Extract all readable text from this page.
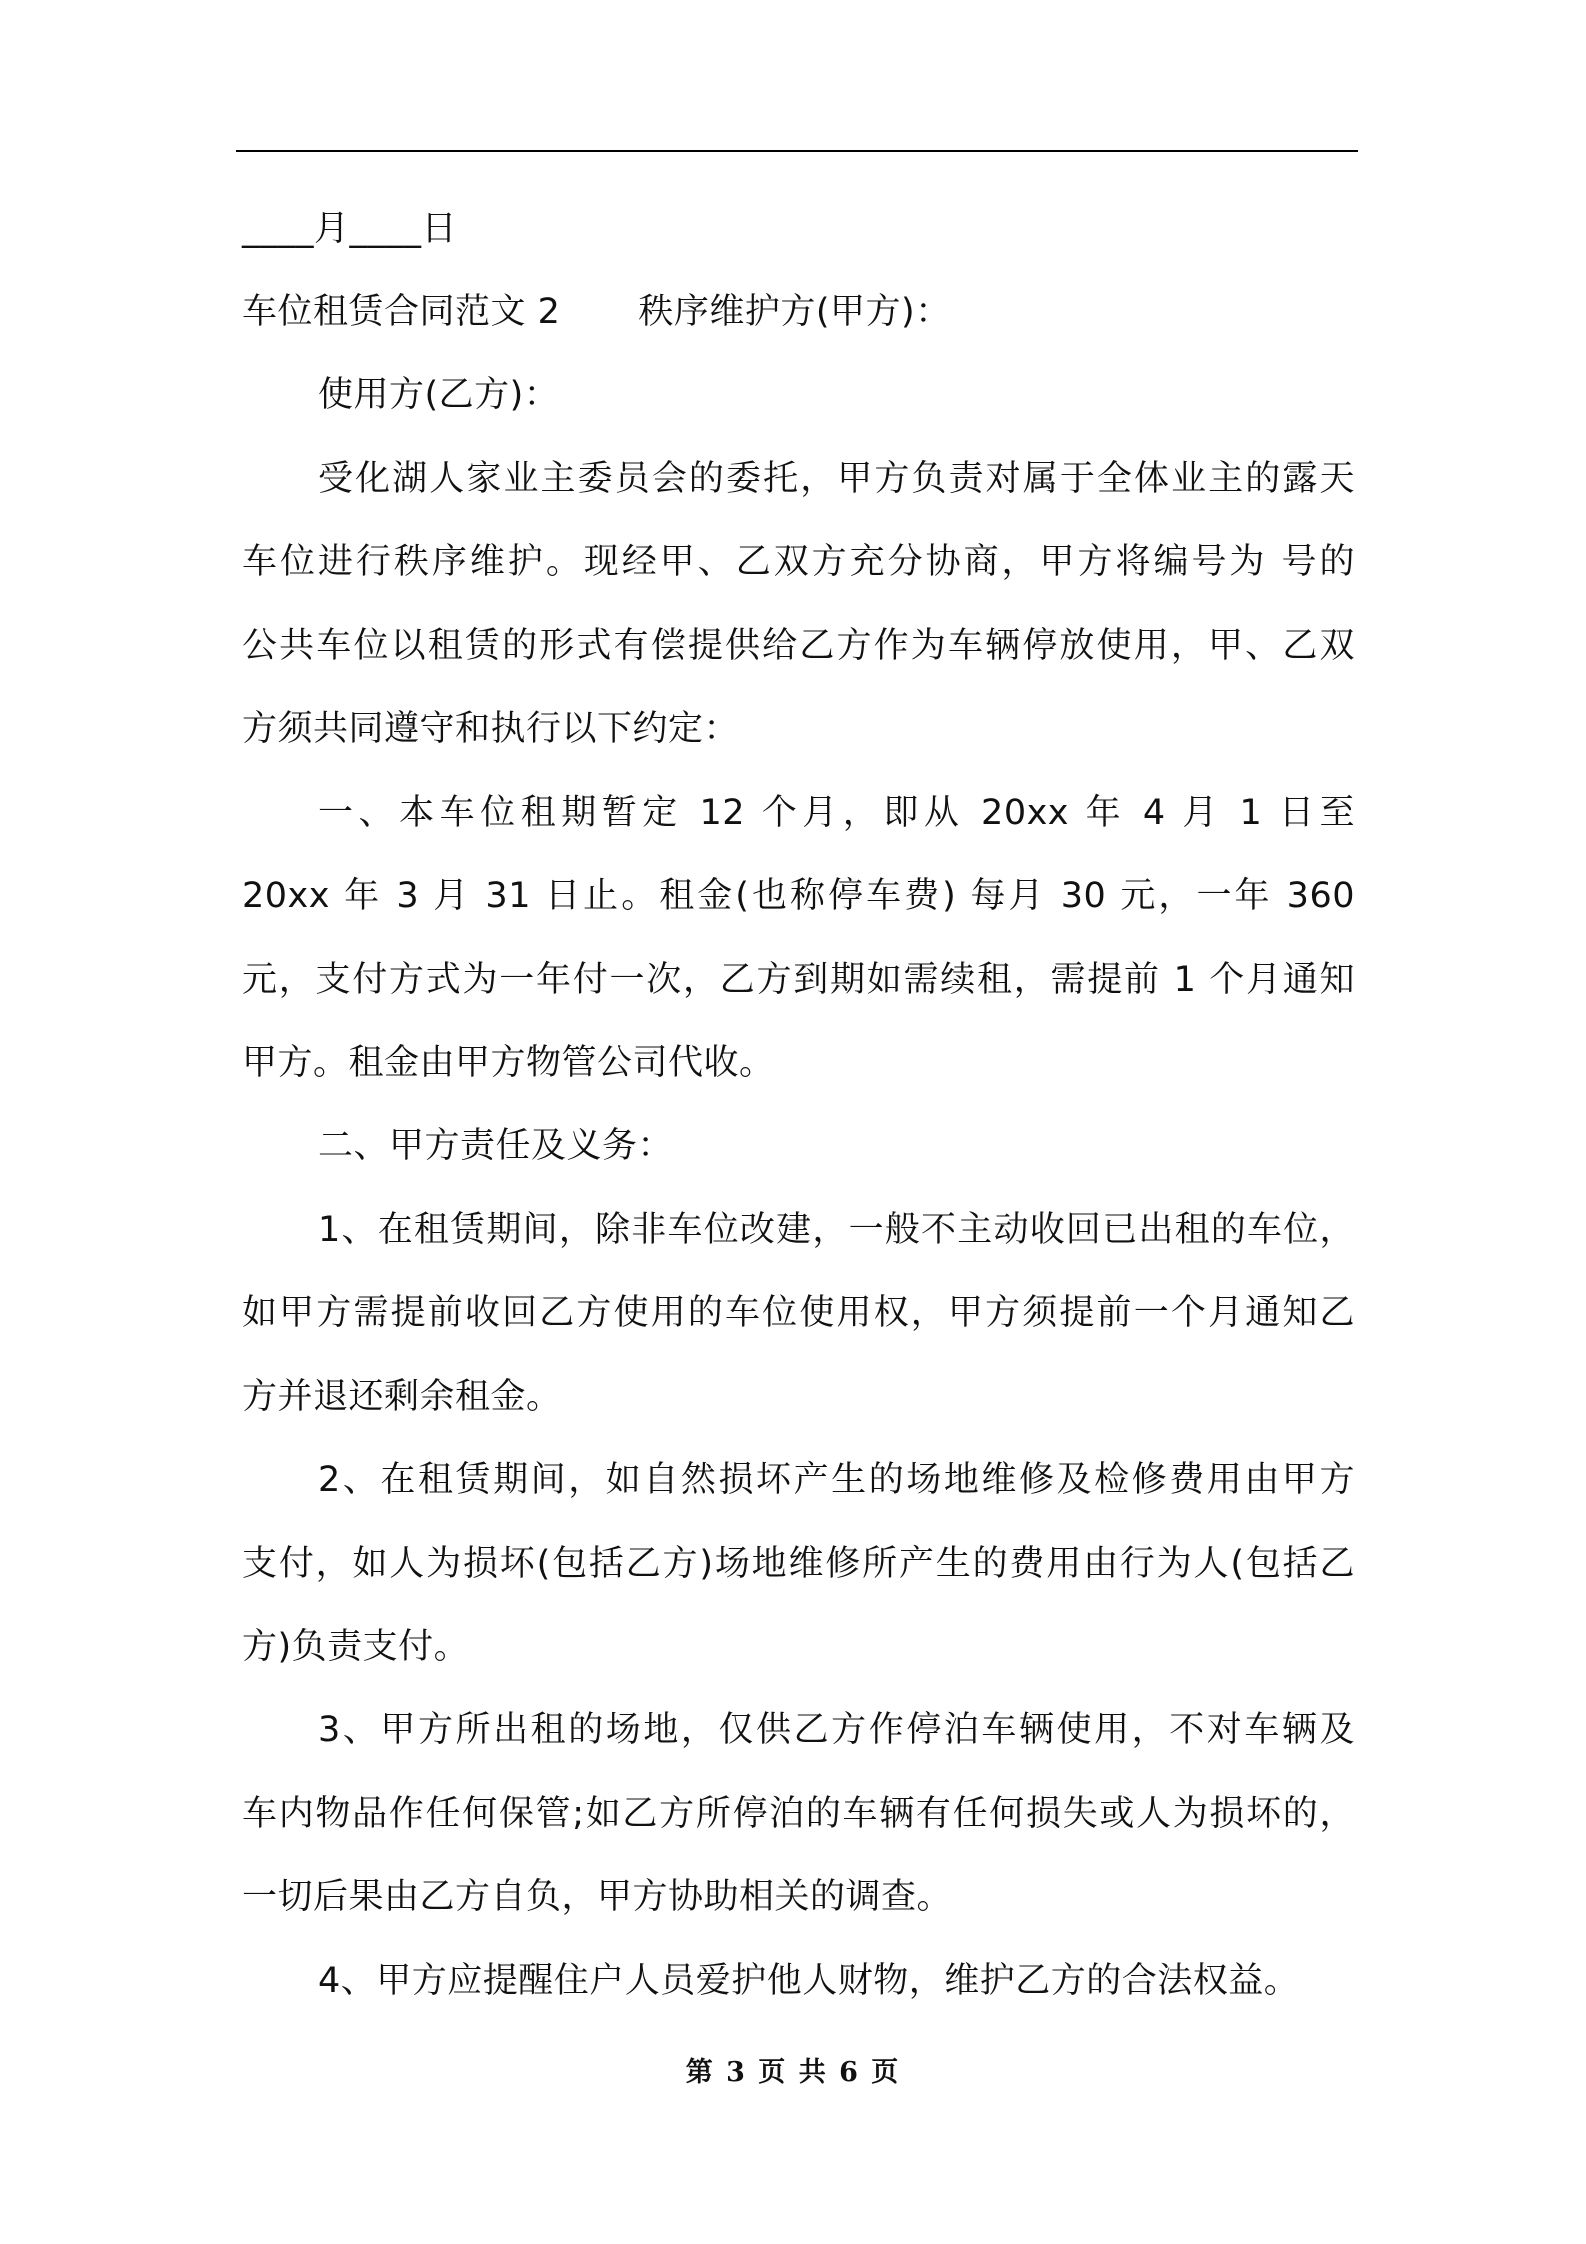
____月____日
车位租赁合同范文 2 秩序维护方(甲方)：
使用方(乙方)：
受化湖人家业主委员会的委托，甲方负责对属于全体业主的露天
车位进行秩序维护。现经甲、乙双方充分协商，甲方将编号为 号的
公共车位以租赁的形式有偿提供给乙方作为车辆停放使用，甲、乙双
方须共同遵守和执行以下约定：
一、本车位租期暂定 12 个月，即从 20xx 年 4 月 1 日至
20xx 年 3 月 31 日止。租金(也称停车费) 每月 30 元，一年 360
元，支付方式为一年付一次，乙方到期如需续租，需提前 1 个月通知
甲方。租金由甲方物管公司代收。
二、甲方责任及义务：
1、在租赁期间，除非车位改建，一般不主动收回已出租的车位，
如甲方需提前收回乙方使用的车位使用权，甲方须提前一个月通知乙
方并退还剩余租金。
2、在租赁期间，如自然损坏产生的场地维修及检修费用由甲方
支付，如人为损坏(包括乙方)场地维修所产生的费用由行为人(包括乙
方)负责支付。
3、甲方所出租的场地，仅供乙方作停泊车辆使用，不对车辆及
车内物品作任何保管;如乙方所停泊的车辆有任何损失或人为损坏的，
一切后果由乙方自负，甲方协助相关的调查。
4、甲方应提醒住户人员爱护他人财物，维护乙方的合法权益。
第 3 页 共 6 页
